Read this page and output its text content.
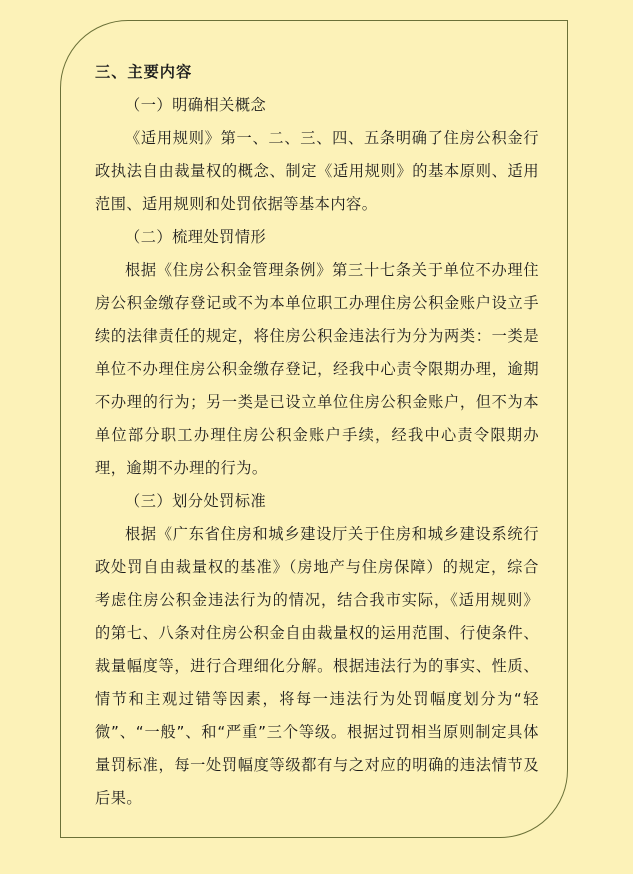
三、主要内容

（一）明确相关概念

《适用规则》第一、二、三、四、五条明确了住房公积金行政执法自由裁量权的概念、制定《适用规则》的基本原则、适用范围、适用规则和处罚依据等基本内容。

（二）梳理处罚情形

根据《住房公积金管理条例》第三十七条关于单位不办理住房公积金缴存登记或不为本单位职工办理住房公积金账户设立手续的法律责任的规定，将住房公积金违法行为分为两类：一类是单位不办理住房公积金缴存登记，经我中心责令限期办理，逾期不办理的行为；另一类是已设立单位住房公积金账户，但不为本单位部分职工办理住房公积金账户手续，经我中心责令限期办理，逾期不办理的行为。

（三）划分处罚标准

根据《广东省住房和城乡建设厅关于住房和城乡建设系统行政处罚自由裁量权的基准》（房地产与住房保障）的规定，综合考虑住房公积金违法行为的情况，结合我市实际，《适用规则》的第七、八条对住房公积金自由裁量权的运用范围、行使条件、裁量幅度等，进行合理细化分解。根据违法行为的事实、性质、情节和主观过错等因素，将每一违法行为处罚幅度划分为“轻微”、“一般”、和“严重”三个等级。根据过罚相当原则制定具体量罚标准，每一处罚幅度等级都有与之对应的明确的违法情节及后果。
